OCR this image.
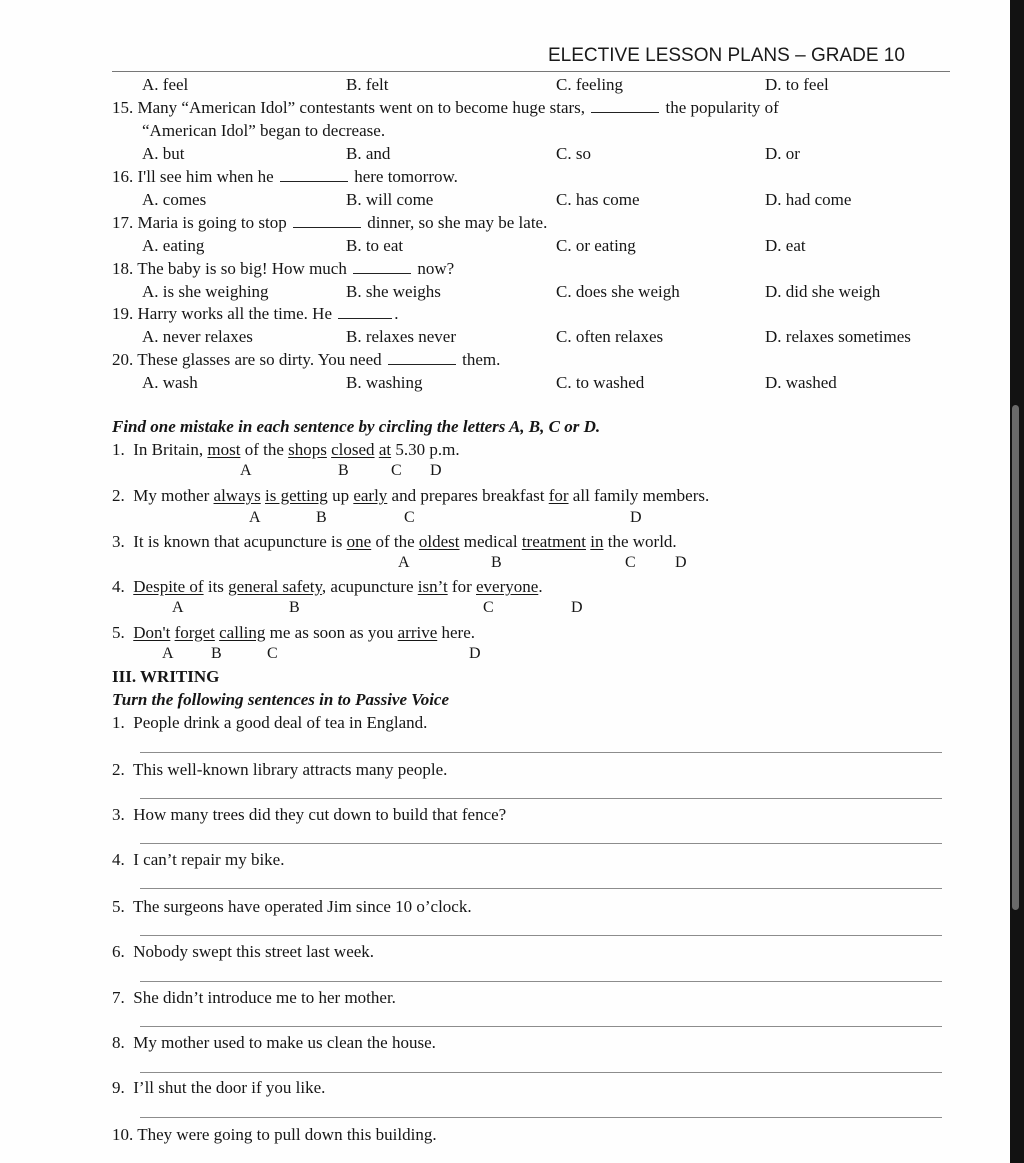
ELECTIVE LESSON PLANS – GRADE 10
A. feel	B. felt	C. feeling	D. to feel
15. Many “American Idol” contestants went on to become huge stars,	the popularity of
“American Idol” began to decrease.
A. but	B. and	C. so	D. or
16. I'll see him when he	here tomorrow.
A. comes	B. will come	C. has come	D. had come
17. Maria is going to stop	dinner, so she may be late.
A. eating	B. to eat	C. or eating	D. eat
18. The baby is so big! How much	now?
A. is she weighing	B. she weighs	C. does she weigh	D. did she weigh
19. Harry works all the time. He	.
A. never relaxes	B. relaxes never	C. often relaxes	D. relaxes sometimes
20. These glasses are so dirty. You need	them.
A. wash	B. washing	C. to washed	D. washed
Find one mistake in each sentence by circling the letters A, B, C or D.
1. In Britain, most of the shops closed at 5.30 p.m.
A	B	C D
2. My mother always is getting up early and prepares breakfast for all family members.
A	B	C	D
3. It is known that acupuncture is one of the oldest medical treatment in the world.
A	B	C D
4. Despite of its general safety, acupuncture isn’t for everyone.
A	B	C	D
5. Don't forget calling me as soon as you arrive here.
A B	C	D
III. WRITING
Turn the following sentences in to Passive Voice
1. People drink a good deal of tea in England.
2. This well-known library attracts many people.
3. How many trees did they cut down to build that fence?
4. I can’t repair my bike.
5. The surgeons have operated Jim since 10 o’clock.
6. Nobody swept this street last week.
7. She didn’t introduce me to her mother.
8. My mother used to make us clean the house.
9. I’ll shut the door if you like.
10. They were going to pull down this building.
